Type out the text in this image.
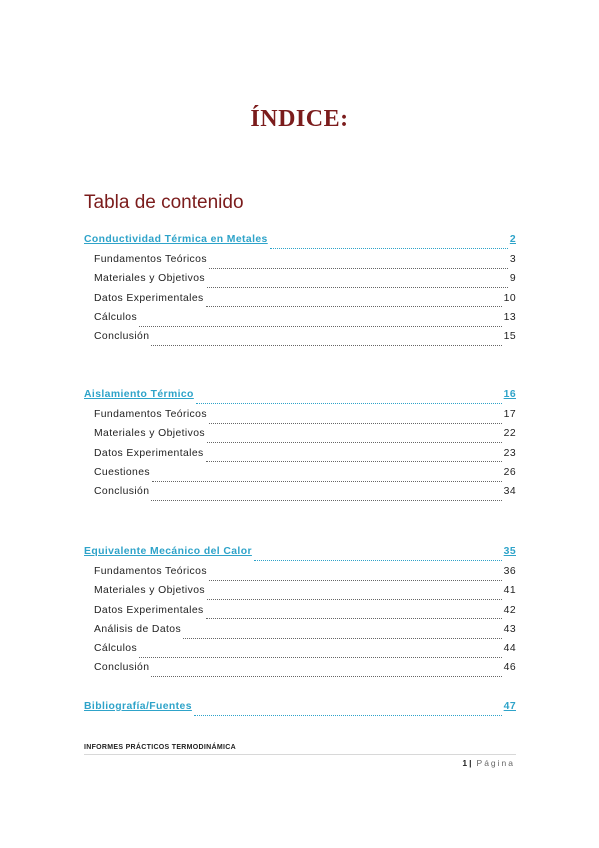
ÍNDICE:
Tabla de contenido
Conductividad Térmica en Metales	2
Fundamentos Teóricos	3
Materiales y Objetivos	9
Datos Experimentales	10
Cálculos	13
Conclusión	15
Aislamiento Térmico	16
Fundamentos Teóricos	17
Materiales y Objetivos	22
Datos Experimentales	23
Cuestiones	26
Conclusión	34
Equivalente Mecánico del Calor	35
Fundamentos Teóricos	36
Materiales y Objetivos	41
Datos Experimentales	42
Análisis de Datos	43
Cálculos	44
Conclusión	46
Bibliografía/Fuentes	47
INFORMES PRÁCTICOS TERMODINÁMICA
1 | Página
